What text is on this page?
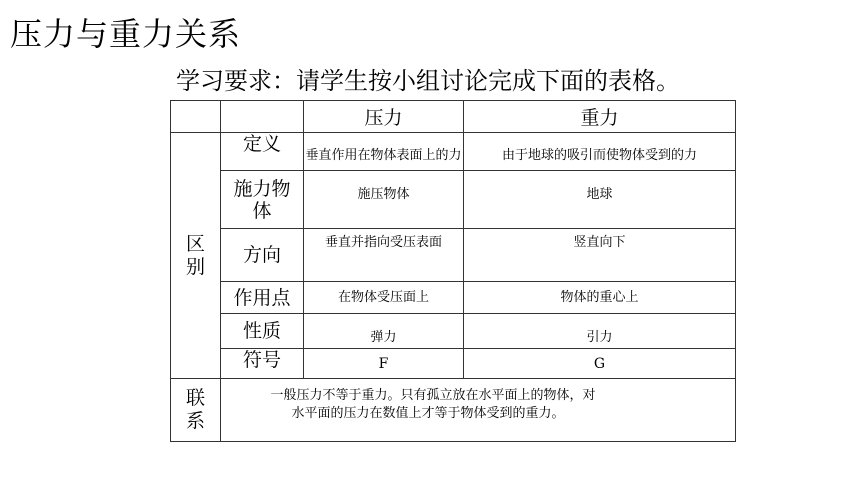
压力与重力关系
学习要求：请学生按小组讨论完成下面的表格。
		压力	重力
区别	定义	垂直作用在物体表面上的力	由于地球的吸引而使物体受到的力
	施力物体	施压物体	地球
	方向	垂直并指向受压表面	竖直向下
	作用点	在物体受压面上	物体的重心上
	性质	弹力	引力
	符号	F	G
联系	一般压力不等于重力。只有孤立放在水平面上的物体，对
水平面的压力在数值上才等于物体受到的重力。		
